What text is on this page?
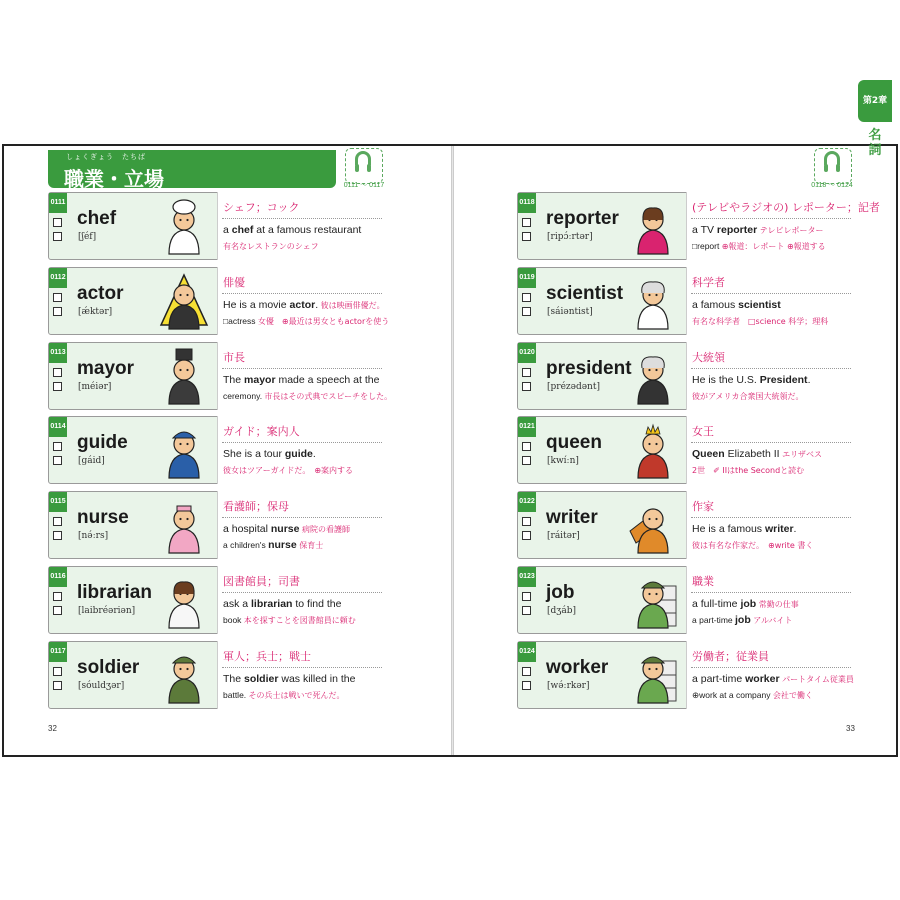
しょくぎょう　たちば
職業・立場	0111 ～ 0117	0118 ～ 0124
0111
chef
[ʃéf]
シェフ；コック
a chef at a famous restaurant
有名なレストランのシェフ
0112
actor
[ǽktər]
俳優
He is a movie actor. 彼は映画俳優だ。
□actress 女優　⊕最近は男女ともactorを使う
0113
mayor
[méiər]
市長
The mayor made a speech at the
ceremony. 市長はその式典でスピーチをした。
0114
guide
[gáid]
ガイド；案内人
She is a tour guide.
彼女はツアーガイドだ。　⊕案内する
0115
nurse
[nə́ːrs]
看護師；保母
a hospital nurse 病院の看護師
a children's nurse 保育士
0116
librarian
[laibréəriən]
図書館員；司書
ask a librarian to find the
book 本を探すことを図書館員に頼む
0117
soldier
[sóuldʒər]
軍人；兵士；戦士
The soldier was killed in the
battle. その兵士は戦いで死んだ。
0118
reporter
[ripɔ́ːrtər]
(テレビやラジオの) レポーター；記者
a TV reporter テレビレポーター
□report ⊕報道：レポート ⊕報道する
0119
scientist
[sáiəntist]
科学者
a famous scientist
有名な科学者　□science 科学；理科
0120
president
[prézədənt]
大統領
He is the U.S. President.
彼がアメリカ合衆国大統領だ。
0121
queen
[kwíːn]
女王
Queen Elizabeth II エリザベス
2世　✐ IIはthe Secondと読む
0122
writer
[ráitər]
作家
He is a famous writer.
彼は有名な作家だ。　⊕write 書く
0123
job
[dʒáb]
職業
a full-time job 常勤の仕事
a part-time job アルバイト
0124
worker
[wə́ːrkər]
労働者；従業員
a part-time worker パートタイム従業員
⊕work at a company 会社で働く
32	33
第2章
名詞
